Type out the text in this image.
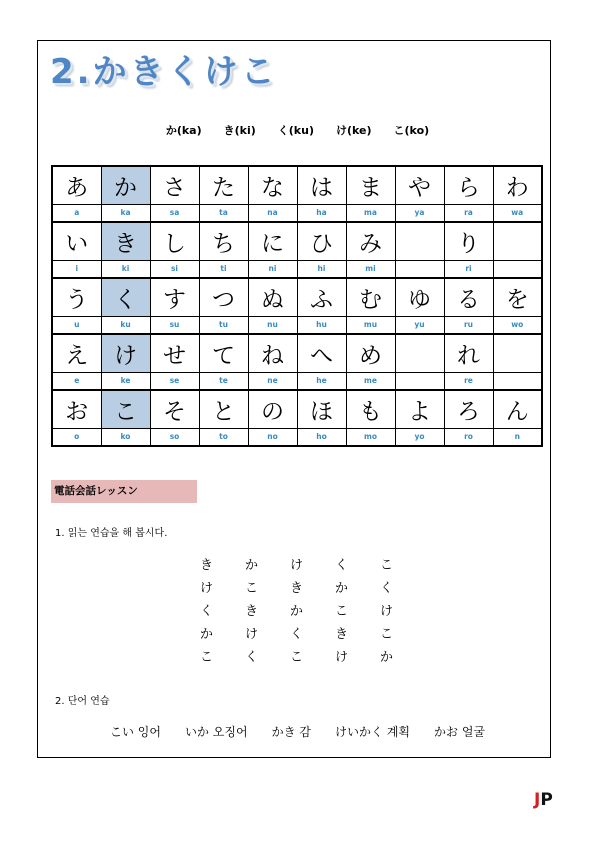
2.かきくけこ
か(ka) き(ki) く(ku) け(ke) こ(ko)
あ	か	さ	た	な	は	ま	や	ら	わ
a	ka	sa	ta	na	ha	ma	ya	ra	wa
い	き	し	ち	に	ひ	み		り	
i	ki	si	ti	ni	hi	mi		ri	
う	く	す	つ	ぬ	ふ	む	ゆ	る	を
u	ku	su	tu	nu	hu	mu	yu	ru	wo
え	け	せ	て	ね	へ	め		れ	
e	ke	se	te	ne	he	me		re	
お	こ	そ	と	の	ほ	も	よ	ろ	ん
o	ko	so	to	no	ho	mo	yo	ro	n
電話会話レッスン
1. 읽는 연습을 해 봅시다.
き	か	け	く	こ
け	こ	き	か	く
く	き	か	こ	け
か	け	く	き	こ
こ	く	こ	け	か
2. 단어 연습
こい 잉어 いか 오징어 かき 감 けいかく 계획 かお 얼굴
JP
